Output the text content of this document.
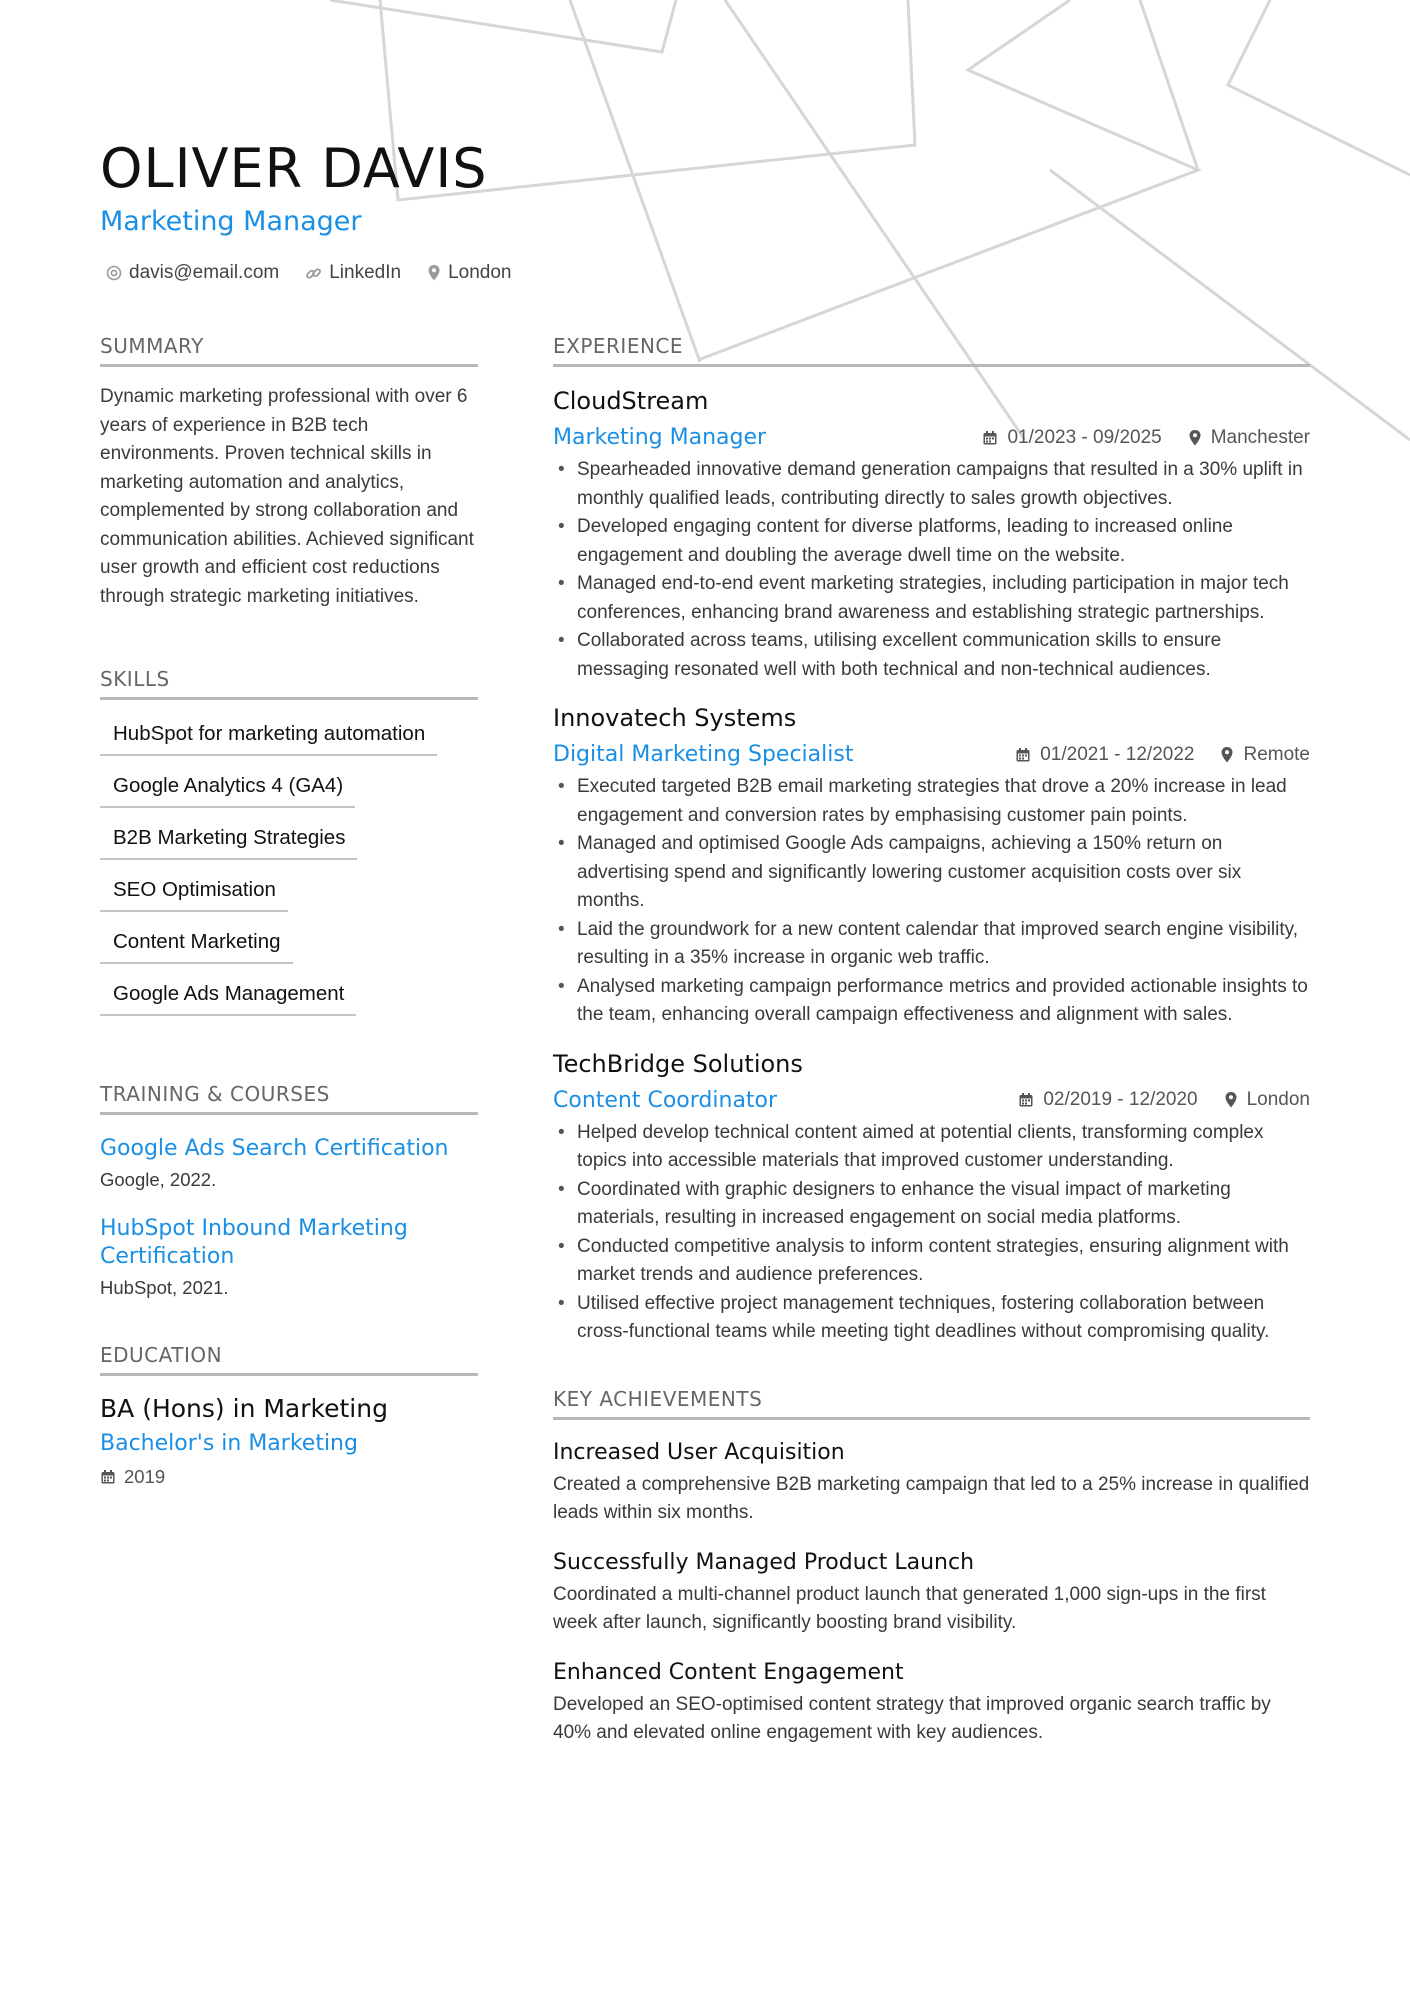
OLIVER DAVIS
Marketing Manager
davis@email.com	LinkedIn London
SUMMARY

Dynamic marketing professional with over 6 years of experience in B2B tech environments. Proven technical skills in marketing automation and analytics, complemented by strong collaboration and communication abilities. Achieved significant user growth and efficient cost reductions through strategic marketing initiatives.

SKILLS
HubSpot for marketing automation
Google Analytics 4 (GA4)
B2B Marketing Strategies
SEO Optimisation
Content Marketing
Google Ads Management
TRAINING & COURSES
Google Ads Search Certification
Google, 2022.
HubSpot Inbound Marketing Certification
HubSpot, 2021.
EDUCATION
BA (Hons) in Marketing
Bachelor's in Marketing
2019
EXPERIENCE
CloudStream
Marketing Manager	01/2023 - 09/2025	Manchester
• Spearheaded innovative demand generation campaigns that resulted in a 30% uplift in monthly qualified leads, contributing directly to sales growth objectives.
• Developed engaging content for diverse platforms, leading to increased online engagement and doubling the average dwell time on the website.
• Managed end-to-end event marketing strategies, including participation in major tech conferences, enhancing brand awareness and establishing strategic partnerships.
• Collaborated across teams, utilising excellent communication skills to ensure messaging resonated well with both technical and non-technical audiences.
Innovatech Systems
Digital Marketing Specialist	01/2021 - 12/2022	Remote
• Executed targeted B2B email marketing strategies that drove a 20% increase in lead engagement and conversion rates by emphasising customer pain points.
• Managed and optimised Google Ads campaigns, achieving a 150% return on advertising spend and significantly lowering customer acquisition costs over six months.
• Laid the groundwork for a new content calendar that improved search engine visibility, resulting in a 35% increase in organic web traffic.
• Analysed marketing campaign performance metrics and provided actionable insights to the team, enhancing overall campaign effectiveness and alignment with sales.
TechBridge Solutions
Content Coordinator	02/2019 - 12/2020	London
• Helped develop technical content aimed at potential clients, transforming complex topics into accessible materials that improved customer understanding.
• Coordinated with graphic designers to enhance the visual impact of marketing materials, resulting in increased engagement on social media platforms.
• Conducted competitive analysis to inform content strategies, ensuring alignment with market trends and audience preferences.
• Utilised effective project management techniques, fostering collaboration between cross-functional teams while meeting tight deadlines without compromising quality.
KEY ACHIEVEMENTS
Increased User Acquisition
Created a comprehensive B2B marketing campaign that led to a 25% increase in qualified leads within six months.
Successfully Managed Product Launch
Coordinated a multi-channel product launch that generated 1,000 sign-ups in the first week after launch, significantly boosting brand visibility.
Enhanced Content Engagement
Developed an SEO-optimised content strategy that improved organic search traffic by 40% and elevated online engagement with key audiences.
